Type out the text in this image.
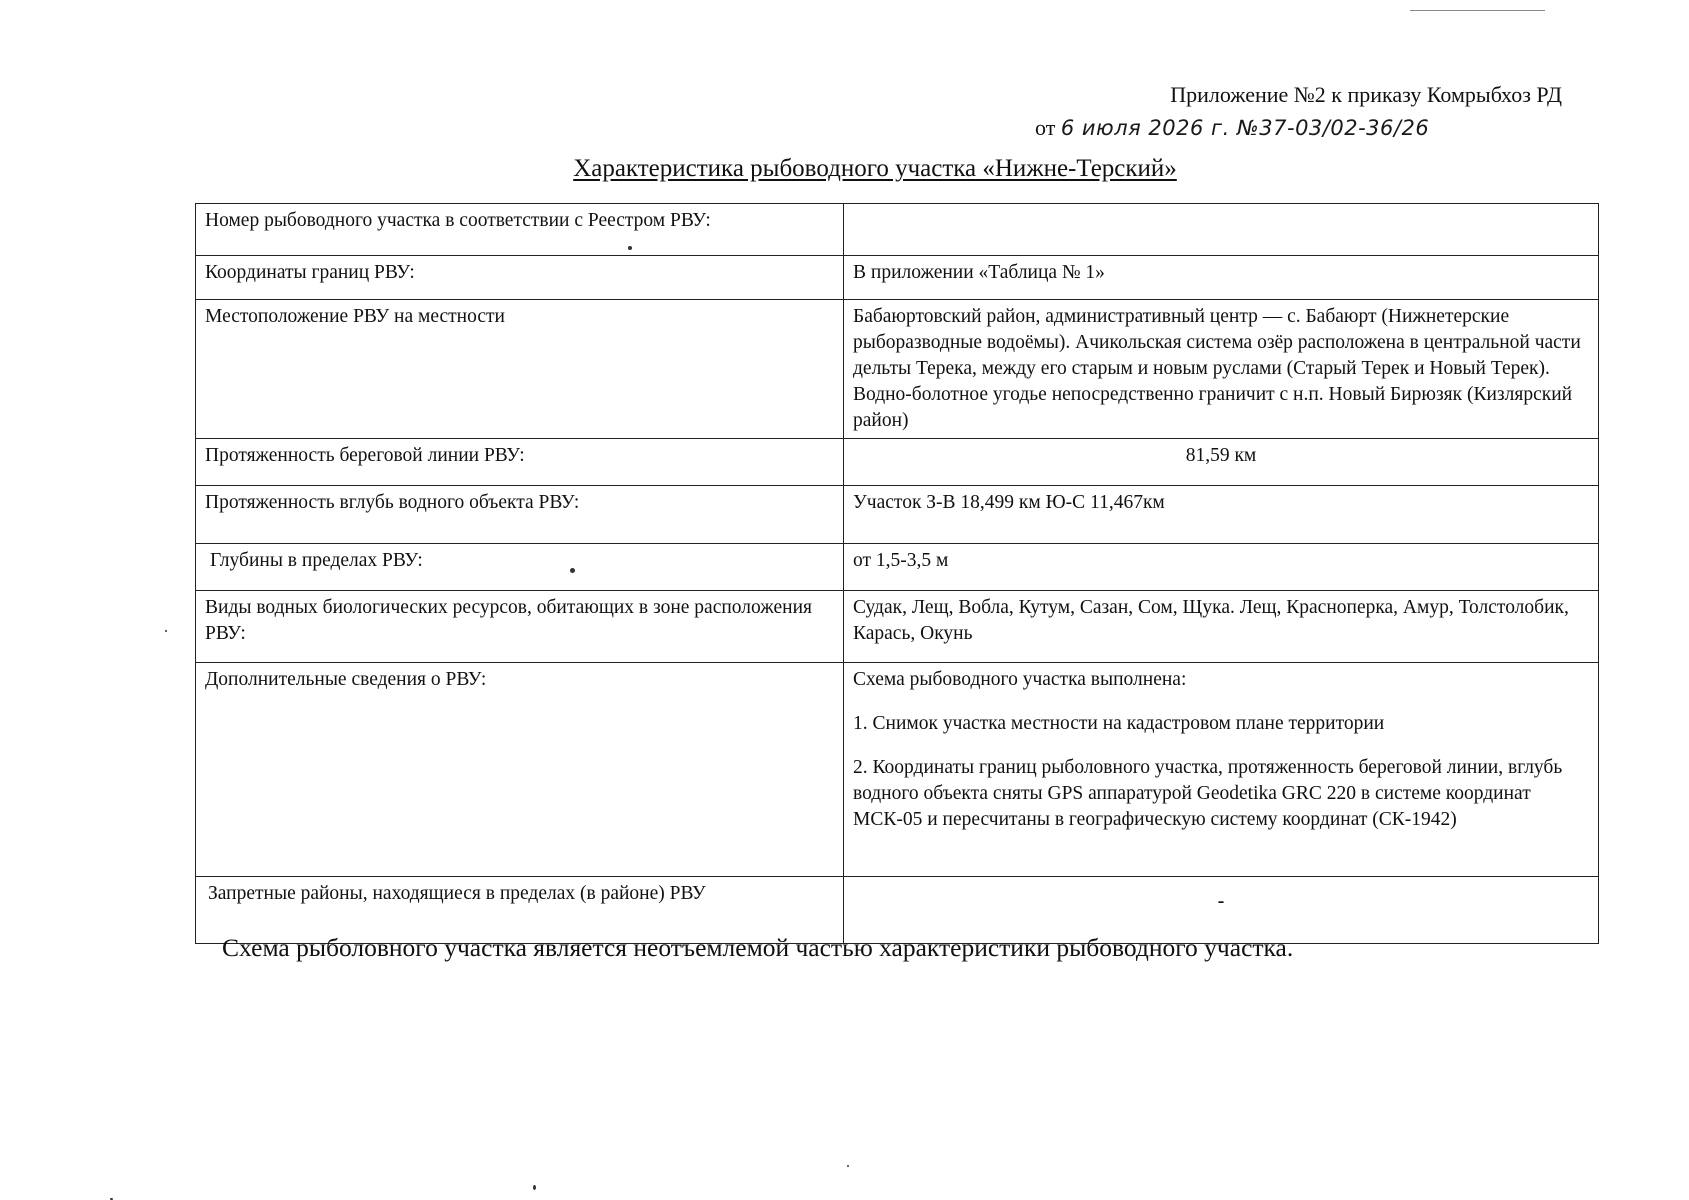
Приложение №2 к приказу Комрыбхоз РД
от 6 июля 2026 г. №37-03/02-36/26
Характеристика рыбоводного участка «Нижне-Терский»
Номер рыбоводного участка в соответствии с Реестром РВУ:	
Координаты границ РВУ:	В приложении «Таблица № 1»
Местоположение РВУ на местности	Бабаюртовский район, административный центр — с. Бабаюрт (Нижнетерские рыборазводные водоёмы). Ачикольская система озёр расположена в центральной части дельты Терека, между его старым и новым руслами (Старый Терек и Новый Терек). Водно-болотное угодье непосредственно граничит с н.п. Новый Бирюзяк (Кизлярский район)
Протяженность береговой линии РВУ:	81,59 км
Протяженность вглубь водного объекта РВУ:	Участок З-В 18,499 км Ю-С 11,467км
Глубины в пределах РВУ:	от 1,5-3,5 м
Виды водных биологических ресурсов, обитающих в зоне расположения РВУ:	Судак, Лещ, Вобла, Кутум, Сазан, Сом, Щука. Лещ, Красноперка, Амур, Толстолобик, Карась, Окунь
Дополнительные сведения о РВУ:	Схема рыбоводного участка выполнена:

1. Снимок участка местности на кадастровом плане территории

2. Координаты границ рыболовного участка, протяженность береговой линии, вглубь водного объекта сняты GPS аппаратурой Geodetika GRC 220 в системе координат МСК-05 и пересчитаны в географическую систему координат (СК-1942)

Запретные районы, находящиеся в пределах (в районе) РВУ	-
Схема рыболовного участка является неотъемлемой частью характеристики рыбоводного участка.
